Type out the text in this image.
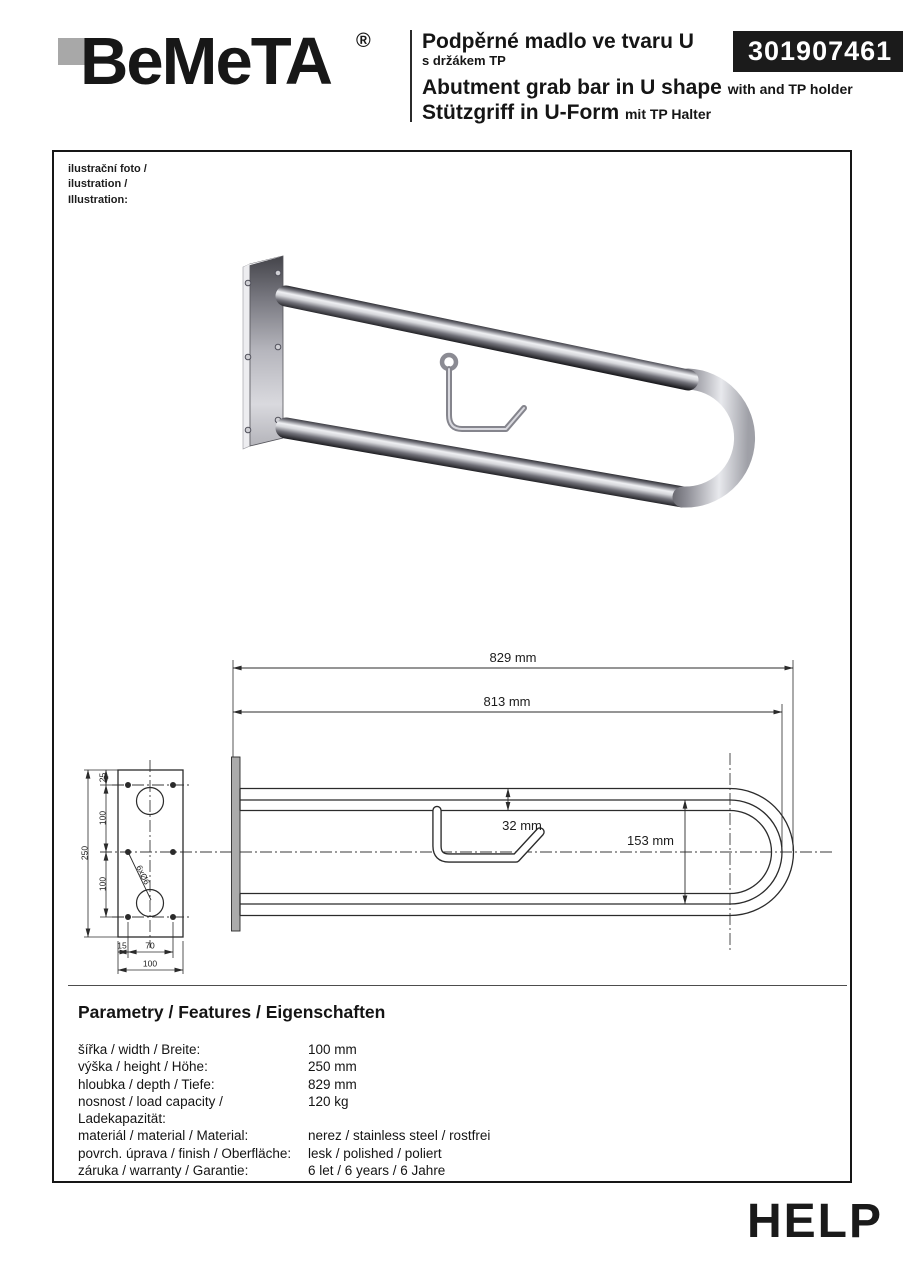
BeMeTA ® Podpěrné madlo ve tvaru U
s držákem TP
Abutment grab bar in U shape with and TP holder
Stützgriff in U-Form mit TP Halter
301907461
ilustrační foto /
ilustration /
Illustration:
829 mm
813 mm
32 mm
153 mm
6xØ6
250
25
100
100
15 70
100
Parametry / Features / Eigenschaften
šířka / width / Breite:	100 mm
výška / height / Höhe:	250 mm
hloubka / depth / Tiefe:	829 mm
nosnost / load capacity / Ladekapazität:
120 kg
materiál / material / Material:	nerez / stainless steel / rostfrei
povrch. úprava / finish / Oberfläche:	lesk / polished / poliert
záruka / warranty / Garantie:	6 let / 6 years / 6 Jahre
HELP
